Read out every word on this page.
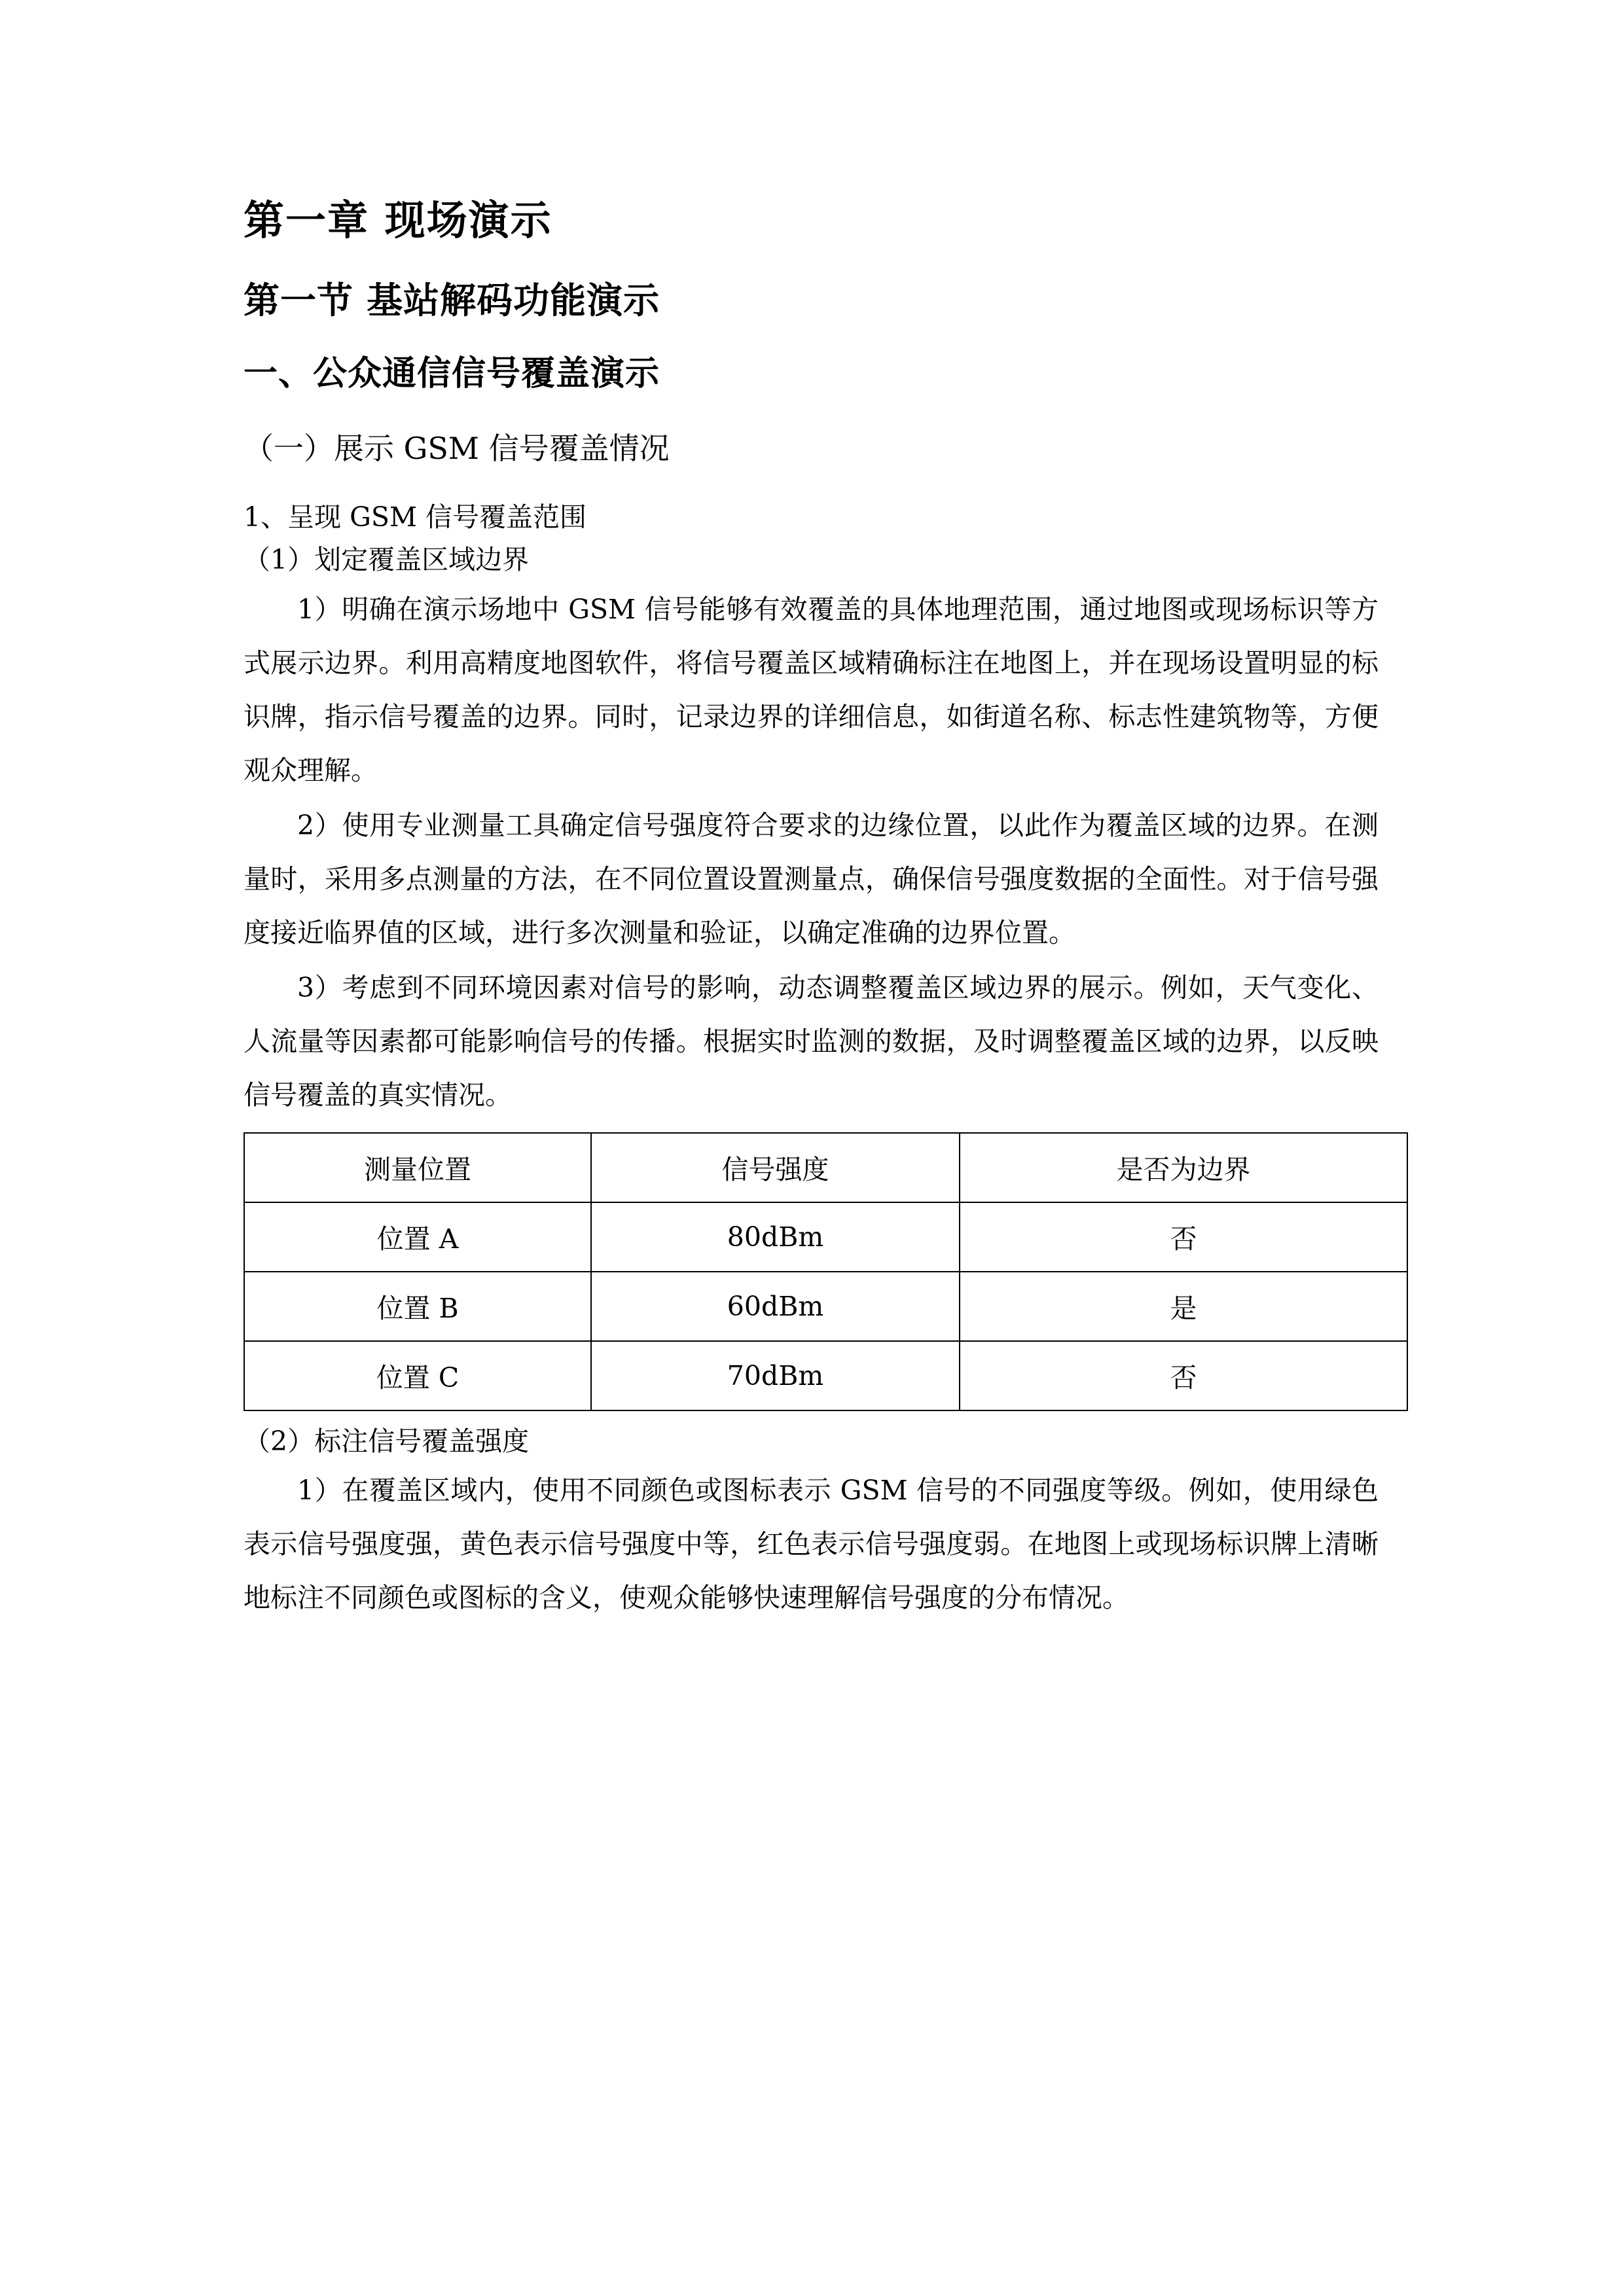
第一章 现场演示
第一节 基站解码功能演示
一、公众通信信号覆盖演示
（一）展示 GSM 信号覆盖情况

1、呈现 GSM 信号覆盖范围

（1）划定覆盖区域边界

1）明确在演示场地中 GSM 信号能够有效覆盖的具体地理范围，通过地图或现场标识等方式展示边界。利用高精度地图软件，将信号覆盖区域精确标注在地图上，并在现场设置明显的标识牌，指示信号覆盖的边界。同时，记录边界的详细信息，如街道名称、标志性建筑物等，方便观众理解。

2）使用专业测量工具确定信号强度符合要求的边缘位置，以此作为覆盖区域的边界。在测量时，采用多点测量的方法，在不同位置设置测量点，确保信号强度数据的全面性。对于信号强度接近临界值的区域，进行多次测量和验证，以确定准确的边界位置。

3）考虑到不同环境因素对信号的影响，动态调整覆盖区域边界的展示。例如，天气变化、人流量等因素都可能影响信号的传播。根据实时监测的数据，及时调整覆盖区域的边界，以反映信号覆盖的真实情况。

测量位置	信号强度	是否为边界
位置 A	80dBm	否
位置 B	60dBm	是
位置 C	70dBm	否

（2）标注信号覆盖强度

1）在覆盖区域内，使用不同颜色或图标表示 GSM 信号的不同强度等级。例如，使用绿色表示信号强度强，黄色表示信号强度中等，红色表示信号强度弱。在地图上或现场标识牌上清晰地标注不同颜色或图标的含义，使观众能够快速理解信号强度的分布情况。
